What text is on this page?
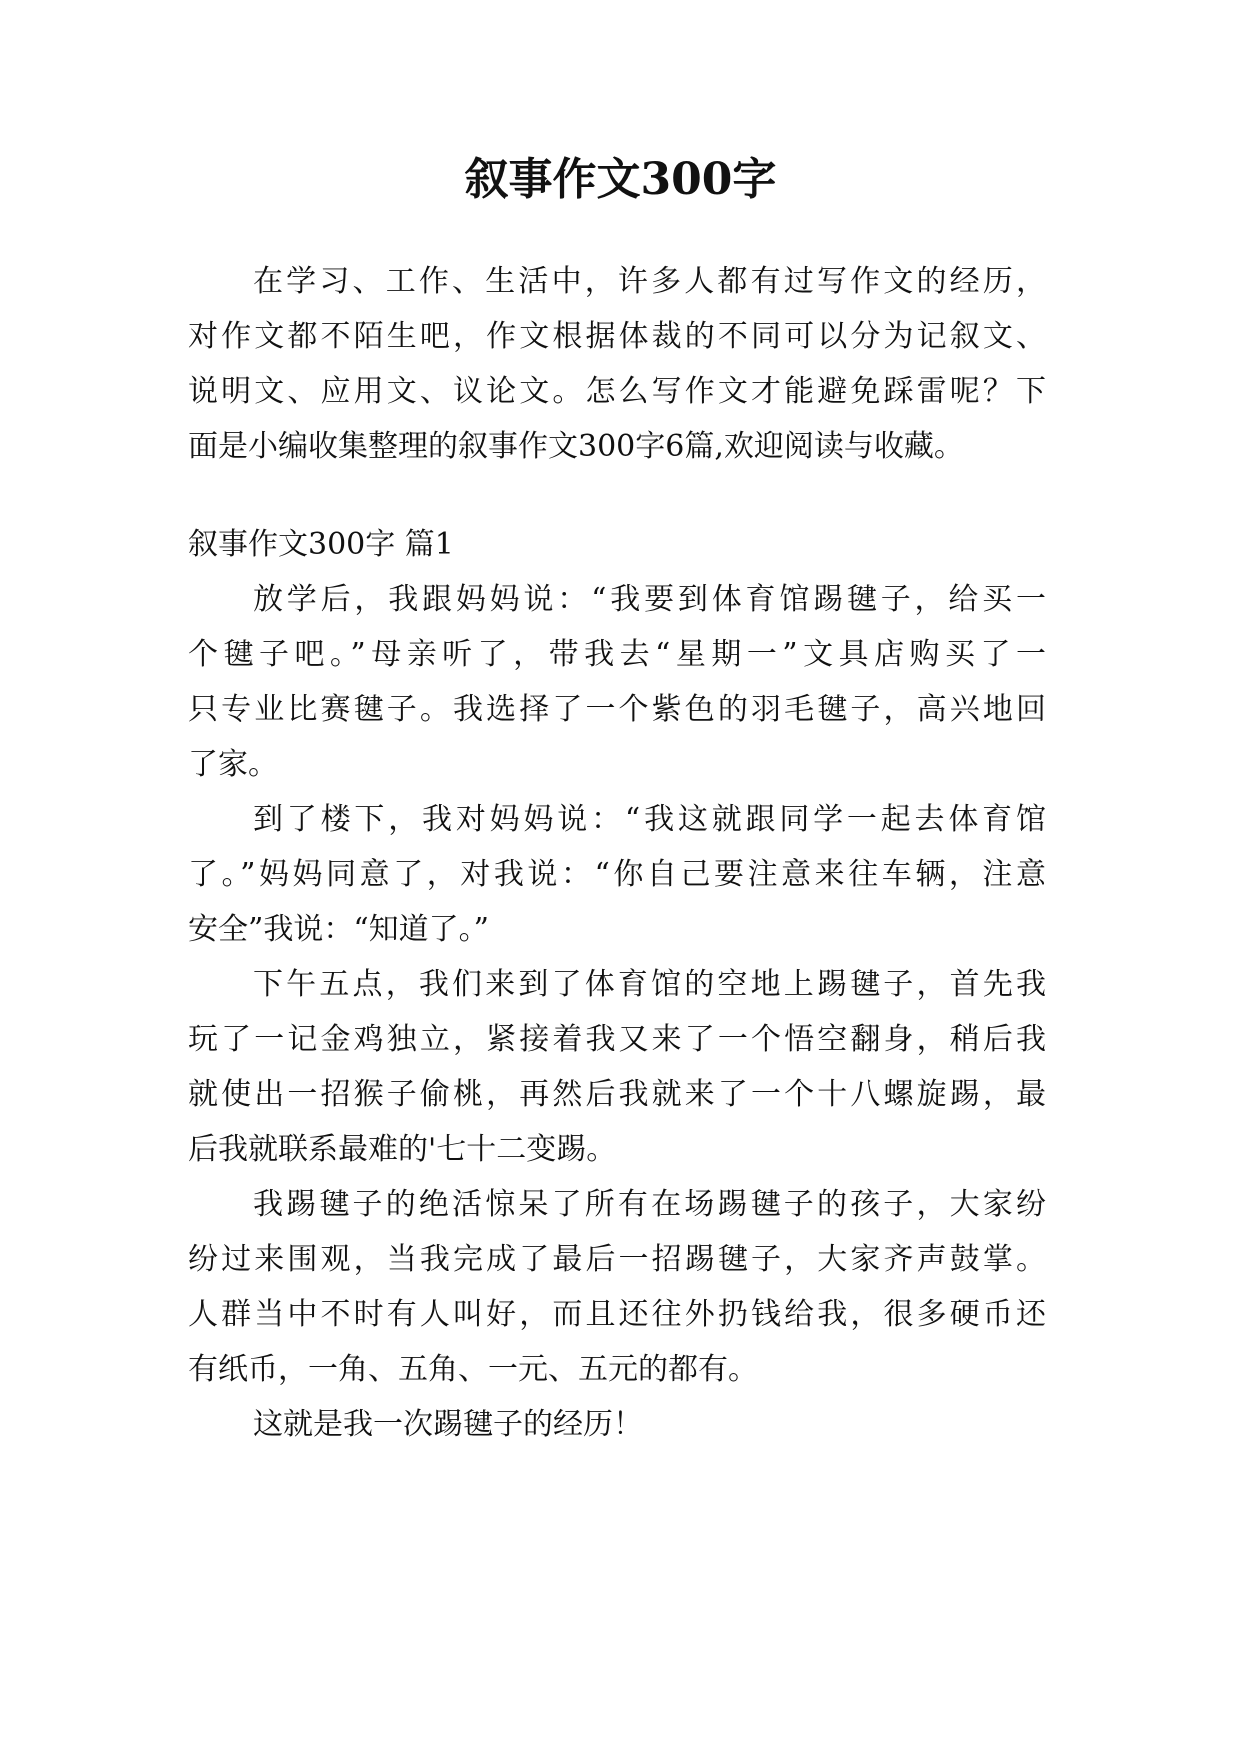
叙事作文300字
在学习、工作、生活中，许多人都有过写作文的经历，
对作文都不陌生吧，作文根据体裁的不同可以分为记叙文、
说明文、应用文、议论文。怎么写作文才能避免踩雷呢？下
面是小编收集整理的叙事作文300字6篇,欢迎阅读与收藏。
叙事作文300字 篇1
放学后，我跟妈妈说：“我要到体育馆踢毽子，给买一
个毽子吧。”母亲听了，带我去“星期一”文具店购买了一
只专业比赛毽子。我选择了一个紫色的羽毛毽子，高兴地回
了家。
到了楼下，我对妈妈说：“我这就跟同学一起去体育馆
了。”妈妈同意了，对我说：“你自己要注意来往车辆，注意
安全”我说：“知道了。”
下午五点，我们来到了体育馆的空地上踢毽子，首先我
玩了一记金鸡独立，紧接着我又来了一个悟空翻身，稍后我
就使出一招猴子偷桃，再然后我就来了一个十八螺旋踢，最
后我就联系最难的'七十二变踢。
我踢毽子的绝活惊呆了所有在场踢毽子的孩子，大家纷
纷过来围观，当我完成了最后一招踢毽子，大家齐声鼓掌。
人群当中不时有人叫好，而且还往外扔钱给我，很多硬币还
有纸币，一角、五角、一元、五元的都有。
这就是我一次踢毽子的经历！
